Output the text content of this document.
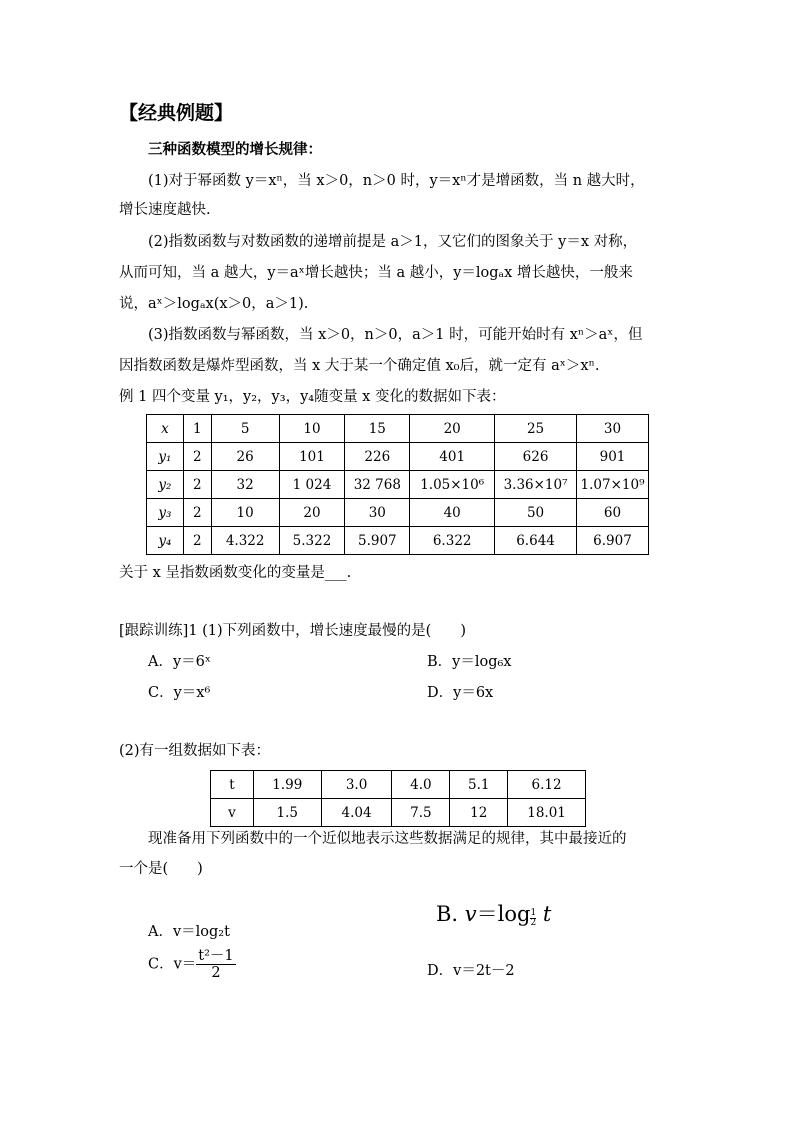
【经典例题】
三种函数模型的增长规律：
(1)对于幂函数 y＝xⁿ，当 x＞0，n＞0 时，y＝xⁿ才是增函数，当 n 越大时，
增长速度越快.
(2)指数函数与对数函数的递增前提是 a＞1，又它们的图象关于 y＝x 对称，
从而可知，当 a 越大，y＝aˣ增长越快；当 a 越小，y＝logₐx 增长越快，一般来
说，aˣ＞logₐx(x＞0，a＞1).
(3)指数函数与幂函数，当 x＞0，n＞0，a＞1 时，可能开始时有 xⁿ＞aˣ，但
因指数函数是爆炸型函数，当 x 大于某一个确定值 x₀后，就一定有 aˣ＞xⁿ.
例 1 四个变量 y₁，y₂，y₃，y₄随变量 x 变化的数据如下表：
x	1	5	10	15	20	25	30
y₁	2	26	101	226	401	626	901
y₂	2	32	1 024	32 768	1.05×10⁶	3.36×10⁷	1.07×10⁹
y₃	2	10	20	30	40	50	60
y₄	2	4.322	5.322	5.907	6.322	6.644	6.907
关于 x 呈指数函数变化的变量是___.
[跟踪训练]1 (1)下列函数中，增长速度最慢的是(　　)
A．y＝6ˣ	B．y＝log₆x
C．y＝x⁶	D．y＝6x
(2)有一组数据如下表：
t	1.99	3.0	4.0	5.1	6.12
v	1.5	4.04	7.5	12	18.01
现准备用下列函数中的一个近似地表示这些数据满足的规律，其中最接近的
一个是(　　)
B. $v=\log \frac{1}{2}$ t
A．v＝log₂t
C．$v= \frac{\text{t²－1}}{2}$	D．v＝2t－2
